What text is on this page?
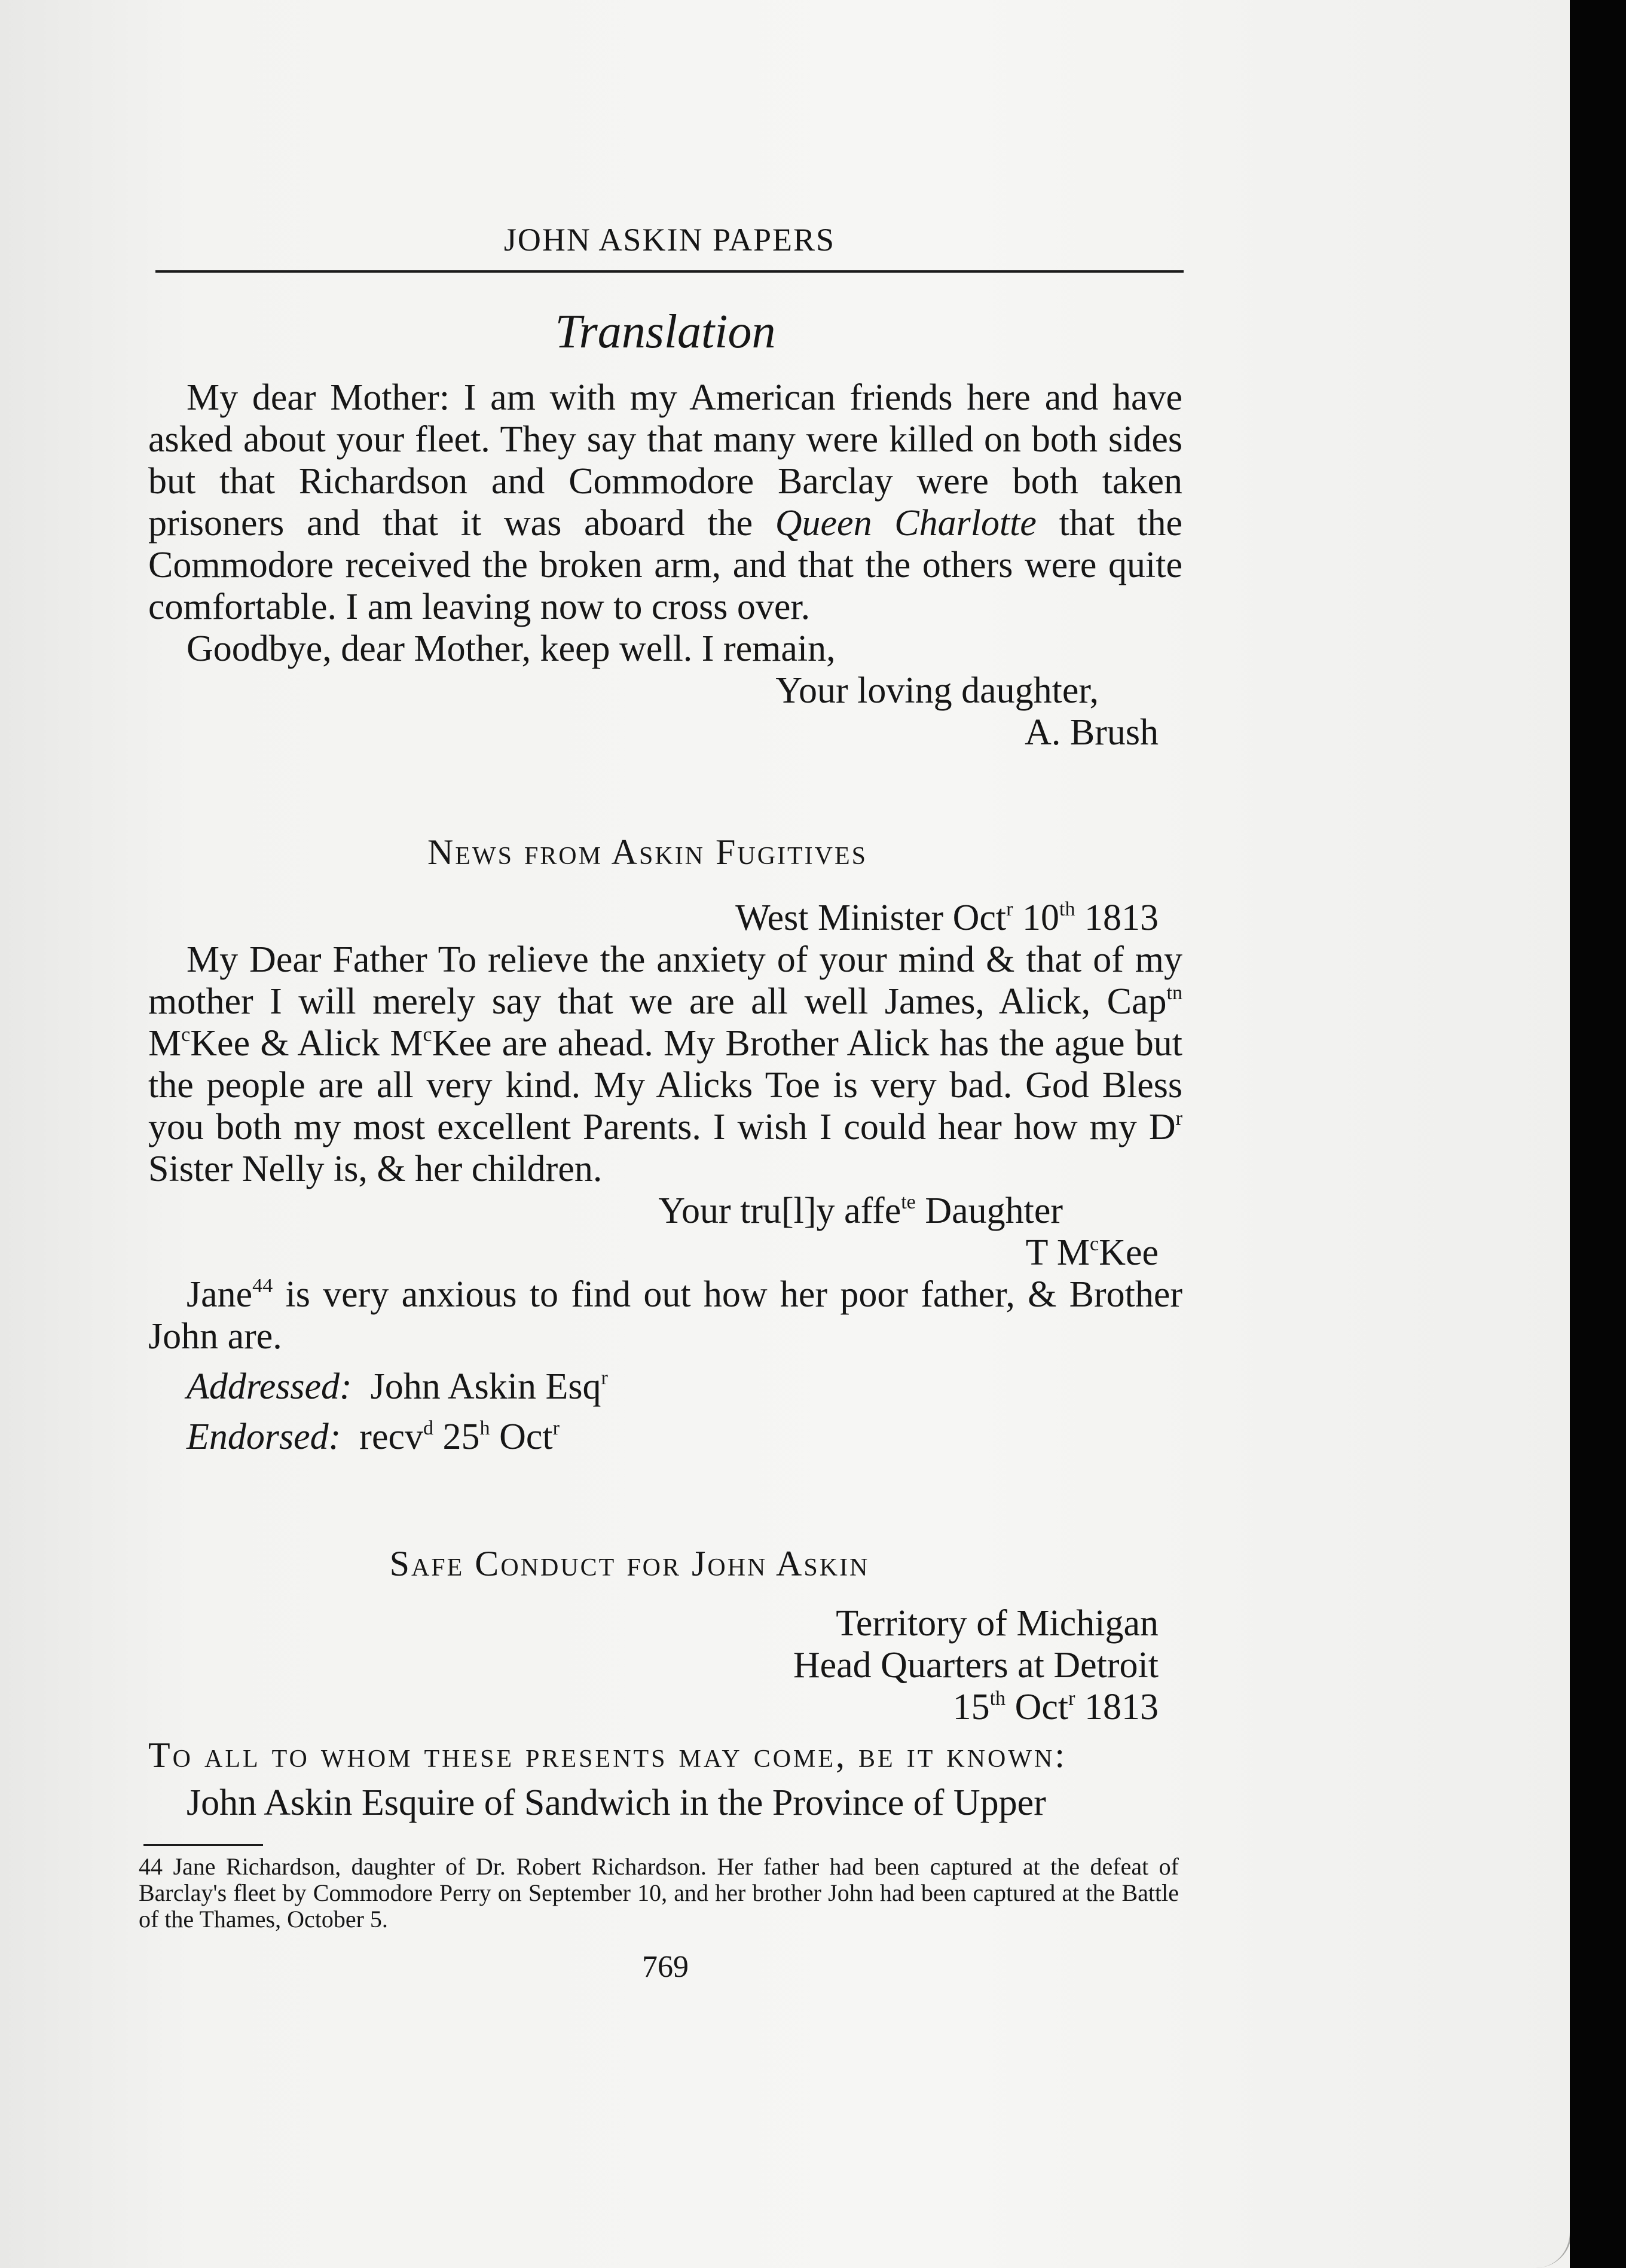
JOHN ASKIN PAPERS
Translation

My dear Mother: I am with my American friends here and have asked about your fleet. They say that many were killed on both sides but that Richardson and Commodore Barclay were both taken prisoners and that it was aboard the Queen Charlotte that the Commodore received the broken arm, and that the others were quite comfortable. I am leaving now to cross over.

Goodbye, dear Mother, keep well. I remain,

Your loving daughter,

A. Brush

News from Askin Fugitives

West Minister Oct$^r$ 10th 1813

My Dear Father To relieve the anxiety of your mind & that of my mother I will merely say that we are all well James, Alick, Cap$^{tn}$ $M^cKee$ & Alick $M^cKee$ are ahead. My Brother Alick has the ague but the people are all very kind. My Alicks Toe is very bad. God Bless you both my most excellent Parents. I wish I could hear how my $D^r$ Sister Nelly is, & her children.

Your tru[l]y affe$^{te}$ Daughter

T $M^cKee$

Jane$^{44}$ is very anxious to find out how her poor father, & Brother John are.

Addressed: John Askin Esq$^r$

Endorsed: recv$^d$ 25$^h$ Oct$^r$

Safe Conduct for John Askin

Territory of Michigan

Head Quarters at Detroit

15th Oct$^r$ 1813

To all to whom these presents may come, be it known:

John Askin Esquire of Sandwich in the Province of Upper

44 Jane Richardson, daughter of Dr. Robert Richardson. Her father had been captured at the defeat of Barclay's fleet by Commodore Perry on September 10, and her brother John had been captured at the Battle of the Thames, October 5.
769
